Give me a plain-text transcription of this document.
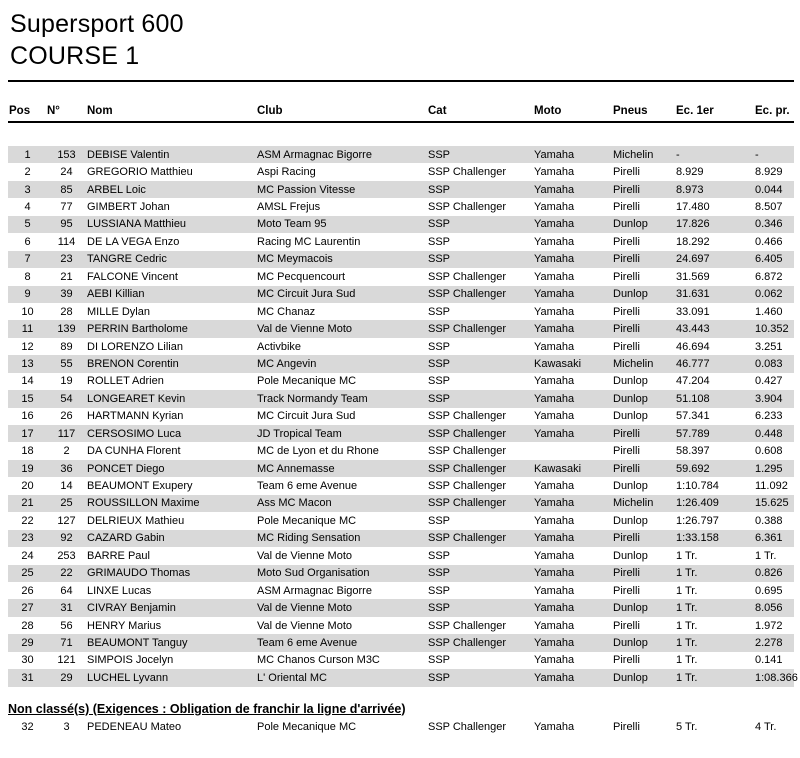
Supersport 600
COURSE 1
Pos	N°	Nom	Club	Cat	Moto	Pneus	Ec. 1er	Ec. pr.
1	153	DEBISE Valentin	ASM Armagnac Bigorre	SSP	Yamaha	Michelin	-	-
2	24	GREGORIO Matthieu	Aspi Racing	SSP Challenger	Yamaha	Pirelli	8.929	8.929
3	85	ARBEL Loic	MC Passion Vitesse	SSP	Yamaha	Pirelli	8.973	0.044
4	77	GIMBERT Johan	AMSL Frejus	SSP Challenger	Yamaha	Pirelli	17.480	8.507
5	95	LUSSIANA Matthieu	Moto Team 95	SSP	Yamaha	Dunlop	17.826	0.346
6	114	DE LA VEGA Enzo	Racing MC Laurentin	SSP	Yamaha	Pirelli	18.292	0.466
7	23	TANGRE Cedric	MC Meymacois	SSP	Yamaha	Pirelli	24.697	6.405
8	21	FALCONE Vincent	MC Pecquencourt	SSP Challenger	Yamaha	Pirelli	31.569	6.872
9	39	AEBI Killian	MC Circuit Jura Sud	SSP Challenger	Yamaha	Dunlop	31.631	0.062
10	28	MILLE Dylan	MC Chanaz	SSP	Yamaha	Pirelli	33.091	1.460
11	139	PERRIN Bartholome	Val de Vienne Moto	SSP Challenger	Yamaha	Pirelli	43.443	10.352
12	89	DI LORENZO Lilian	Activbike	SSP	Yamaha	Pirelli	46.694	3.251
13	55	BRENON Corentin	MC Angevin	SSP	Kawasaki	Michelin	46.777	0.083
14	19	ROLLET Adrien	Pole Mecanique MC	SSP	Yamaha	Dunlop	47.204	0.427
15	54	LONGEARET Kevin	Track Normandy Team	SSP	Yamaha	Dunlop	51.108	3.904
16	26	HARTMANN Kyrian	MC Circuit Jura Sud	SSP Challenger	Yamaha	Dunlop	57.341	6.233
17	117	CERSOSIMO Luca	JD Tropical Team	SSP Challenger	Yamaha	Pirelli	57.789	0.448
18	2	DA CUNHA Florent	MC de Lyon et du Rhone	SSP Challenger		Pirelli	58.397	0.608
19	36	PONCET Diego	MC Annemasse	SSP Challenger	Kawasaki	Pirelli	59.692	1.295
20	14	BEAUMONT Exupery	Team 6 eme Avenue	SSP Challenger	Yamaha	Dunlop	1:10.784	11.092
21	25	ROUSSILLON Maxime	Ass MC Macon	SSP Challenger	Yamaha	Michelin	1:26.409	15.625
22	127	DELRIEUX Mathieu	Pole Mecanique MC	SSP	Yamaha	Dunlop	1:26.797	0.388
23	92	CAZARD Gabin	MC Riding Sensation	SSP Challenger	Yamaha	Pirelli	1:33.158	6.361
24	253	BARRE Paul	Val de Vienne Moto	SSP	Yamaha	Dunlop	1 Tr.	1 Tr.
25	22	GRIMAUDO Thomas	Moto Sud Organisation	SSP	Yamaha	Pirelli	1 Tr.	0.826
26	64	LINXE Lucas	ASM Armagnac Bigorre	SSP	Yamaha	Pirelli	1 Tr.	0.695
27	31	CIVRAY Benjamin	Val de Vienne Moto	SSP	Yamaha	Dunlop	1 Tr.	8.056
28	56	HENRY Marius	Val de Vienne Moto	SSP Challenger	Yamaha	Pirelli	1 Tr.	1.972
29	71	BEAUMONT Tanguy	Team 6 eme Avenue	SSP Challenger	Yamaha	Dunlop	1 Tr.	2.278
30	121	SIMPOIS Jocelyn	MC Chanos Curson M3C	SSP	Yamaha	Pirelli	1 Tr.	0.141
31	29	LUCHEL Lyvann	L' Oriental MC	SSP	Yamaha	Dunlop	1 Tr.	1:08.366
Non classé(s) (Exigences : Obligation de franchir la ligne d'arrivée)
32	3	PEDENEAU Mateo	Pole Mecanique MC	SSP Challenger	Yamaha	Pirelli	5 Tr.	4 Tr.
